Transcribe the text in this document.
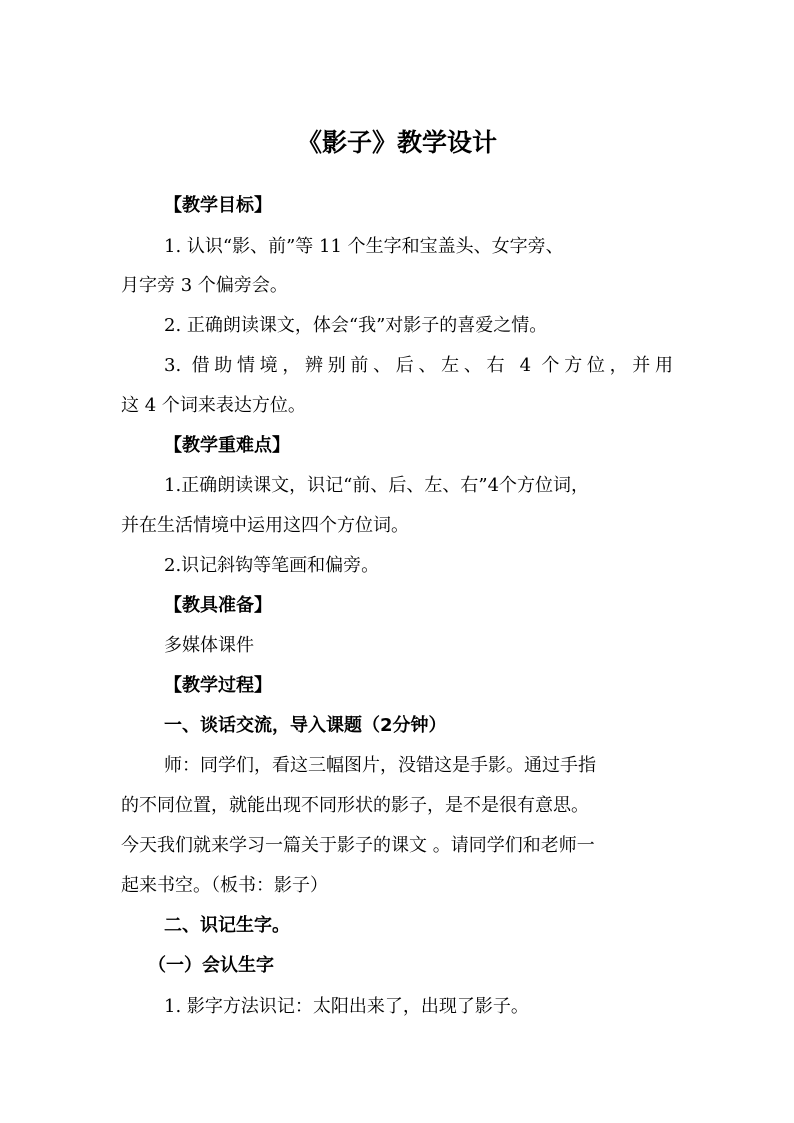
《影子》教学设计
【教学目标】
1. 认识“影、前”等 11 个生字和宝盖头、女字旁、
月字旁 3 个偏旁会。
2. 正确朗读课文，体会“我”对影子的喜爱之情。
3. 借助情境，辨别前、后、左、右 4 个方位，并用
这 4 个词来表达方位。
【教学重难点】
1.正确朗读课文，识记“前、后、左、右”4个方位词，
并在生活情境中运用这四个方位词。
2.识记斜钩等笔画和偏旁。
【教具准备】
多媒体课件
【教学过程】
一、谈话交流，导入课题（2分钟）
师：同学们，看这三幅图片，没错这是手影。通过手指
的不同位置，就能出现不同形状的影子，是不是很有意思。
今天我们就来学习一篇关于影子的课文 。请同学们和老师一
起来书空。（板书：影子）
二、识记生字。
（一）会认生字
1. 影字方法识记：太阳出来了，出现了影子。
